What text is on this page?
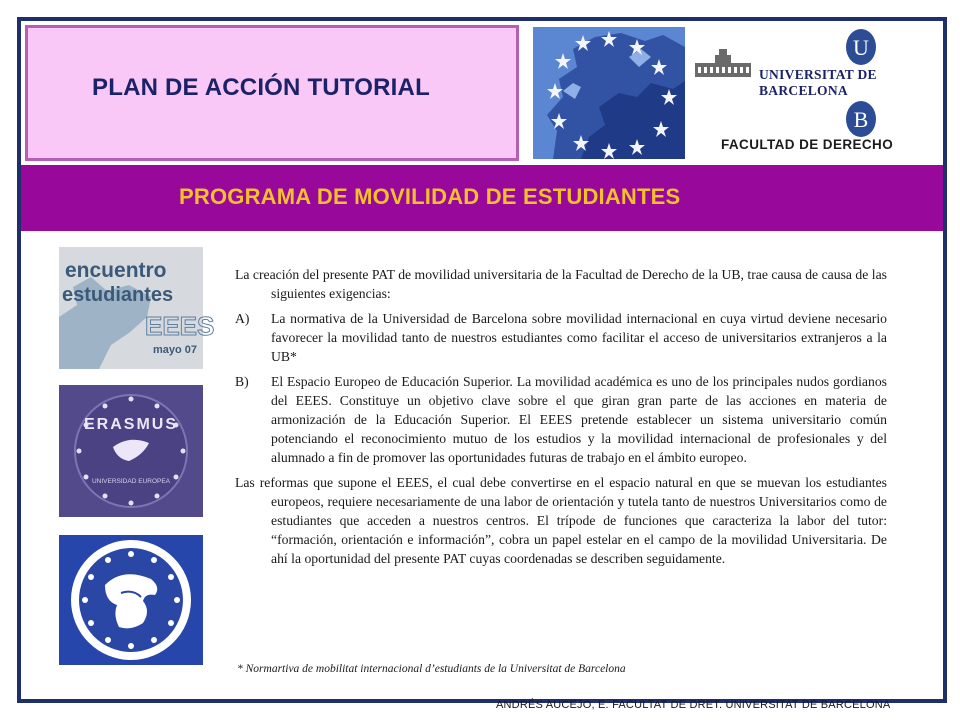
PLAN DE ACCIÓN TUTORIAL
U
B
UNIVERSITAT DE BARCELONA
FACULTAD DE DERECHO
PROGRAMA DE MOVILIDAD DE ESTUDIANTES
encuentro
estudiantes
EEES
mayo 07
ERASMUS
UNIVERSIDAD EUROPEA

La creación del presente PAT de movilidad universitaria de la Facultad de Derecho de la UB, trae causa de causa de las siguientes exigencias:

A)	La normativa de la Universidad de Barcelona sobre movilidad internacional en cuya virtud deviene necesario favorecer la movilidad tanto de nuestros estudiantes como facilitar el acceso de universitarios extranjeros a la UB*
B)	El Espacio Europeo de Educación Superior. La movilidad académica es uno de los principales nudos gordianos del EEES. Constituye un objetivo clave sobre el que giran gran parte de las acciones en materia de armonización de la Educación Superior. El EEES pretende establecer un sistema universitario común potenciando el reconocimiento mutuo de los estudios y la movilidad internacional de profesionales y del alumnado a fin de promover las oportunidades futuras de trabajo en el ámbito europeo.

Las reformas que supone el EEES, el cual debe convertirse en el espacio natural en que se muevan los estudiantes europeos, requiere necesariamente de una labor de orientación y tutela tanto de nuestros Universitarios como de estudiantes que acceden a nuestros centros. El trípode de funciones que caracteriza la labor del tutor: “formación, orientación e información”, cobra un papel estelar en el campo de la movilidad Universitaria. De ahí la oportunidad del presente PAT cuyas coordenadas se describen seguidamente.

* Normartiva de mobilitat internacional d’estudiants de la Universitat de Barcelona
ANDRÉS AUCEJO, E. FACULTAT DE DRET. UNIVERSITAT DE BARCELONA
